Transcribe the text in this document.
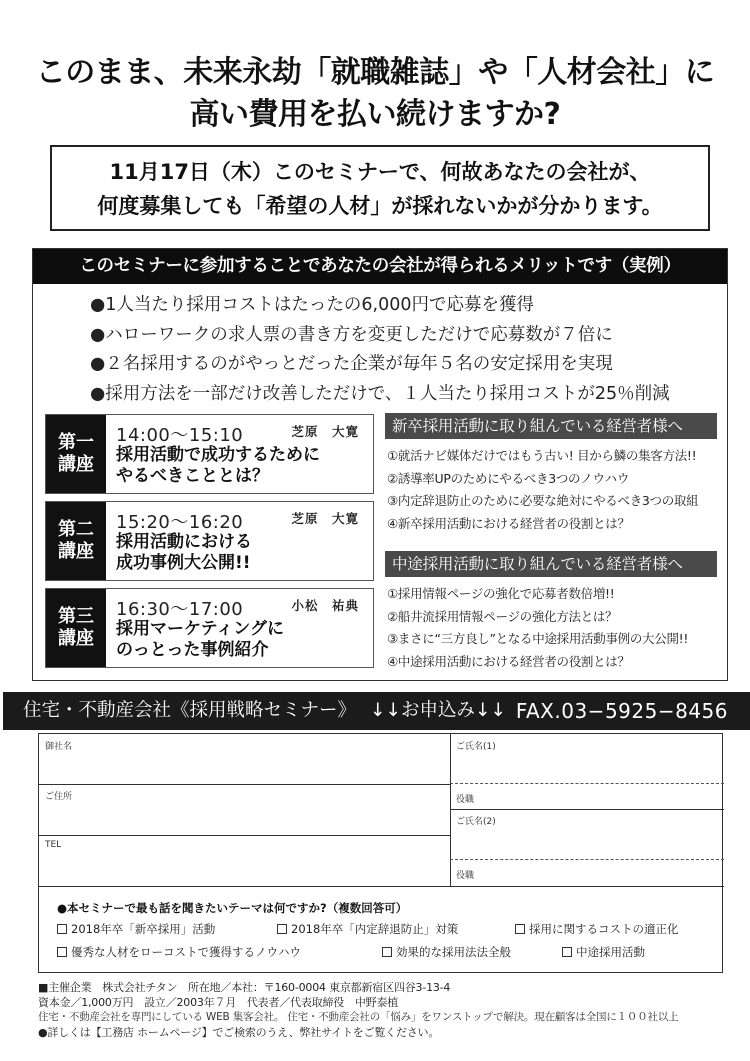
このまま、未来永劫「就職雑誌」や「人材会社」に
高い費用を払い続けますか?
11月17日（木）このセミナーで、何故あなたの会社が、
何度募集しても「希望の人材」が採れないかが分かります。
このセミナーに参加することであなたの会社が得られるメリットです（実例）
●1人当たり採用コストはたったの6,000円で応募を獲得
●ハローワークの求人票の書き方を変更しただけで応募数が７倍に
●２名採用するのがやっとだった企業が毎年５名の安定採用を実現
●採用方法を一部だけ改善しただけで、１人当たり採用コストが25％削減
第一
講座
14:00〜15:10	芝原　大寛
採用活動で成功するために
やるべきこととは？
第二
講座
15:20〜16:20	芝原　大寛
採用活動における
成功事例大公開!!
第三
講座
16:30〜17:00	小松　祐典
採用マーケティングに
のっとった事例紹介
新卒採用活動に取り組んでいる経営者様へ
①就活ナビ媒体だけではもう古い! 目から鱗の集客方法!!
②誘導率UPのためにやるべき3つのノウハウ
③内定辞退防止のために必要な絶対にやるべき3つの取組
④新卒採用活動における経営者の役割とは？
中途採用活動に取り組んでいる経営者様へ
①採用情報ページの強化で応募者数倍増!!
②船井流採用情報ページの強化方法とは？
③まさに“三方良し”となる中途採用活動事例の大公開!!
④中途採用活動における経営者の役割とは？
住宅・不動産会社《採用戦略セミナー》 ↓↓お申込み↓↓ FAX.03−5925−8456
御社名
ご住所
TEL
ご氏名(1)
役職
ご氏名(2)
役職
●本セミナーで最も話を聞きたいテーマは何ですか?（複数回答可）
2018年卒「新卒採用」活動	2018年卒「内定辞退防止」対策	採用に関するコストの適正化
優秀な人材をローコストで獲得するノウハウ	効果的な採用法法全般	中途採用活動
■主催企業　株式会社チタン　所在地／本社：〒160-0004 東京都新宿区四谷3-13-4
資本金／1,000万円　設立／2003年７月　代表者／代表取締役　中野泰植
住宅・不動産会社を専門にしている WEB 集客会社。 住宅・不動産会社の「悩み」をワンストップで解決。現在顧客は全国に１００社以上
●詳しくは【工務店 ホームページ】でご検索のうえ、弊社サイトをご覧ください。
